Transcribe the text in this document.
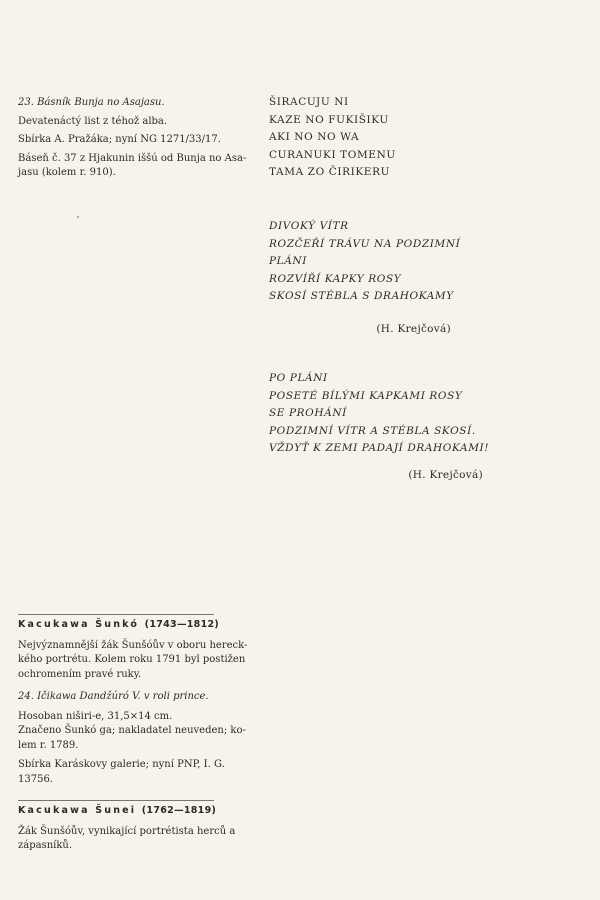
23. Básník Bunja no Asajasu.

Devatenáctý list z téhož alba.

Sbírka A. Pražáka; nyní NG 1271/33/17.

Báseň č. 37 z Hjakunin iššú od Bunja no Asa-

jasu (kolem r. 910).

ŠIRACUJU NI

KAZE NO FUKIŠIKU

AKI NO NO WA

CURANUKI TOMENU

TAMA ZO ČIRIKERU

DIVOKÝ VÍTR

ROZČEŘÍ TRÁVU NA PODZIMNÍ

PLÁNI

ROZVÍŘÍ KAPKY ROSY

SKOSÍ STÉBLA S DRAHOKAMY

(H. Krejčová)

PO PLÁNI

POSETÉ BÍLÝMI KAPKAMI ROSY

SE PROHÁNÍ

PODZIMNÍ VÍTR A STÉBLA SKOSÍ.

VŽDYŤ K ZEMI PADAJÍ DRAHOKAMI!

(H. Krejčová)

Kacukawa Šunkó (1743—1812)

Nejvýznamnější žák Šunšóův v oboru hereck-

kého portrétu. Kolem roku 1791 byl postižen

ochromením pravé ruky.

24. Ičikawa Dandžúró V. v roli prince.

Hosoban niširi-e, 31,5×14 cm.

Značeno Šunkó ga; nakladatel neuveden; ko-

lem r. 1789.

Sbírka Karáskovy galerie; nyní PNP, I. G.

13756.

Kacukawa Šunei (1762—1819)

Žák Šunšóův, vynikající portrétista herců a

zápasníků.
